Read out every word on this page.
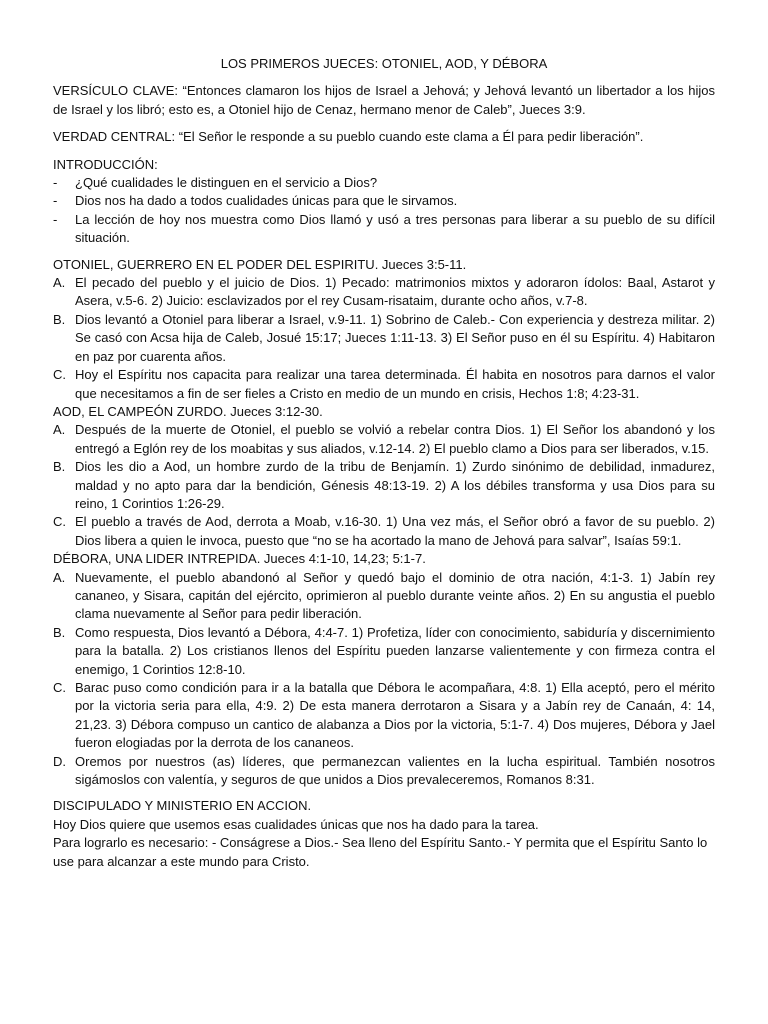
LOS PRIMEROS JUECES: OTONIEL, AOD, Y DÉBORA
VERSÍCULO CLAVE: “Entonces clamaron los hijos de Israel a Jehová; y Jehová levantó un libertador a los hijos de Israel y los libró; esto es, a Otoniel hijo de Cenaz, hermano menor de Caleb”, Jueces 3:9.
VERDAD CENTRAL: “El Señor le responde a su pueblo cuando este clama a Él para pedir liberación”.
INTRODUCCIÓN:
-	¿Qué cualidades le distinguen en el servicio a Dios?
-	Dios nos ha dado a todos cualidades únicas para que le sirvamos.
-	La lección de hoy nos muestra como Dios llamó y usó a tres personas para liberar a su pueblo de su difícil situación.
OTONIEL, GUERRERO EN EL PODER DEL ESPIRITU. Jueces 3:5-11.
A. El pecado del pueblo y el juicio de Dios. 1) Pecado: matrimonios mixtos y adoraron ídolos: Baal, Astarot y Asera, v.5-6. 2) Juicio: esclavizados por el rey Cusam-risataim, durante ocho años, v.7-8.
B. Dios levantó a Otoniel para liberar a Israel, v.9-11. 1) Sobrino de Caleb.- Con experiencia y destreza militar. 2) Se casó con Acsa hija de Caleb, Josué 15:17; Jueces 1:11-13. 3) El Señor puso en él su Espíritu. 4) Habitaron en paz por cuarenta años.
C. Hoy el Espíritu nos capacita para realizar una tarea determinada. Él habita en nosotros para darnos el valor que necesitamos a fin de ser fieles a Cristo en medio de un mundo en crisis, Hechos 1:8; 4:23-31.
AOD, EL CAMPEÓN ZURDO. Jueces 3:12-30.
A. Después de la muerte de Otoniel, el pueblo se volvió a rebelar contra Dios. 1) El Señor los abandonó y los entregó a Eglón rey de los moabitas y sus aliados, v.12-14. 2) El pueblo clamo a Dios para ser liberados, v.15.
B. Dios les dio a Aod, un hombre zurdo de la tribu de Benjamín. 1) Zurdo sinónimo de debilidad, inmadurez, maldad y no apto para dar la bendición, Génesis 48:13-19. 2) A los débiles transforma y usa Dios para su reino, 1 Corintios 1:26-29.
C. El pueblo a través de Aod, derrota a Moab, v.16-30. 1) Una vez más, el Señor obró a favor de su pueblo. 2) Dios libera a quien le invoca, puesto que “no se ha acortado la mano de Jehová para salvar”, Isaías 59:1.
DÉBORA, UNA LIDER INTREPIDA. Jueces 4:1-10, 14,23; 5:1-7.
A. Nuevamente, el pueblo abandonó al Señor y quedó bajo el dominio de otra nación, 4:1-3. 1) Jabín rey cananeo, y Sisara, capitán del ejército, oprimieron al pueblo durante veinte años. 2) En su angustia el pueblo clama nuevamente al Señor para pedir liberación.
B. Como respuesta, Dios levantó a Débora, 4:4-7. 1) Profetiza, líder con conocimiento, sabiduría y discernimiento para la batalla. 2) Los cristianos llenos del Espíritu pueden lanzarse valientemente y con firmeza contra el enemigo, 1 Corintios 12:8-10.
C. Barac puso como condición para ir a la batalla que Débora le acompañara, 4:8. 1) Ella aceptó, pero el mérito por la victoria seria para ella, 4:9. 2) De esta manera derrotaron a Sisara y a Jabín rey de Canaán, 4: 14, 21,23. 3) Débora compuso un cantico de alabanza a Dios por la victoria, 5:1-7. 4) Dos mujeres, Débora y Jael fueron elogiadas por la derrota de los cananeos.
D. Oremos por nuestros (as) líderes, que permanezcan valientes en la lucha espiritual. También nosotros sigámoslos con valentía, y seguros de que unidos a Dios prevaleceremos, Romanos 8:31.
DISCIPULADO Y MINISTERIO EN ACCION.
Hoy Dios quiere que usemos esas cualidades únicas que nos ha dado para la tarea.
Para lograrlo es necesario: - Conságrese a Dios.- Sea lleno del Espíritu Santo.- Y permita que el Espíritu Santo lo use para alcanzar a este mundo para Cristo.
